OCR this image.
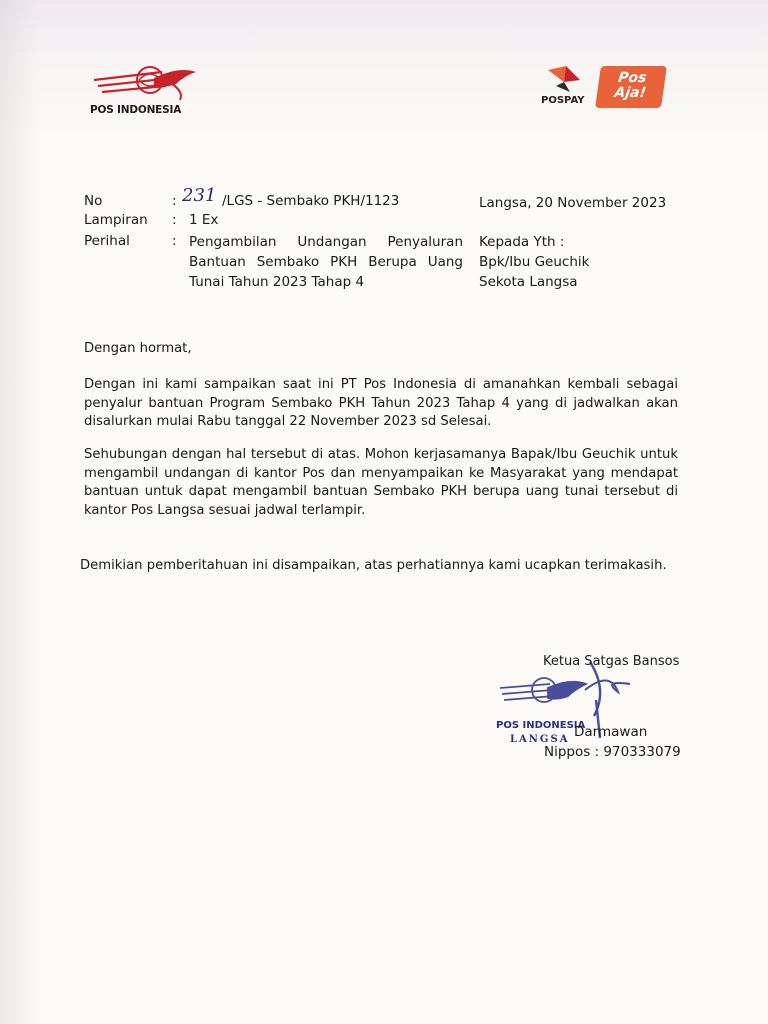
POS INDONESIA
POSPAY
Pos
Aja!
No	: 231 /LGS - Sembako PKH/1123
Lampiran : 1 Ex
Perihal	: Pengambilan Undangan Penyaluran Bantuan Sembako PKH Berupa Uang Tunai Tahun 2023 Tahap 4
Langsa, 20 November 2023
Kepada Yth :
Bpk/Ibu Geuchik
Sekota Langsa
Dengan hormat,
Dengan ini kami sampaikan saat ini PT Pos Indonesia di amanahkan kembali sebagai penyalur bantuan Program Sembako PKH Tahun 2023 Tahap 4 yang di jadwalkan akan disalurkan mulai Rabu tanggal 22 November 2023 sd Selesai.
Sehubungan dengan hal tersebut di atas. Mohon kerjasamanya Bapak/Ibu Geuchik untuk mengambil undangan di kantor Pos dan menyampaikan ke Masyarakat yang mendapat bantuan untuk dapat mengambil bantuan Sembako PKH berupa uang tunai tersebut di kantor Pos Langsa sesuai jadwal terlampir.
Demikian pemberitahuan ini disampaikan, atas perhatiannya kami ucapkan terimakasih.
POS INDONESIA
LANGSA
Ketua Satgas Bansos
Darmawan
Nippos : 970333079
